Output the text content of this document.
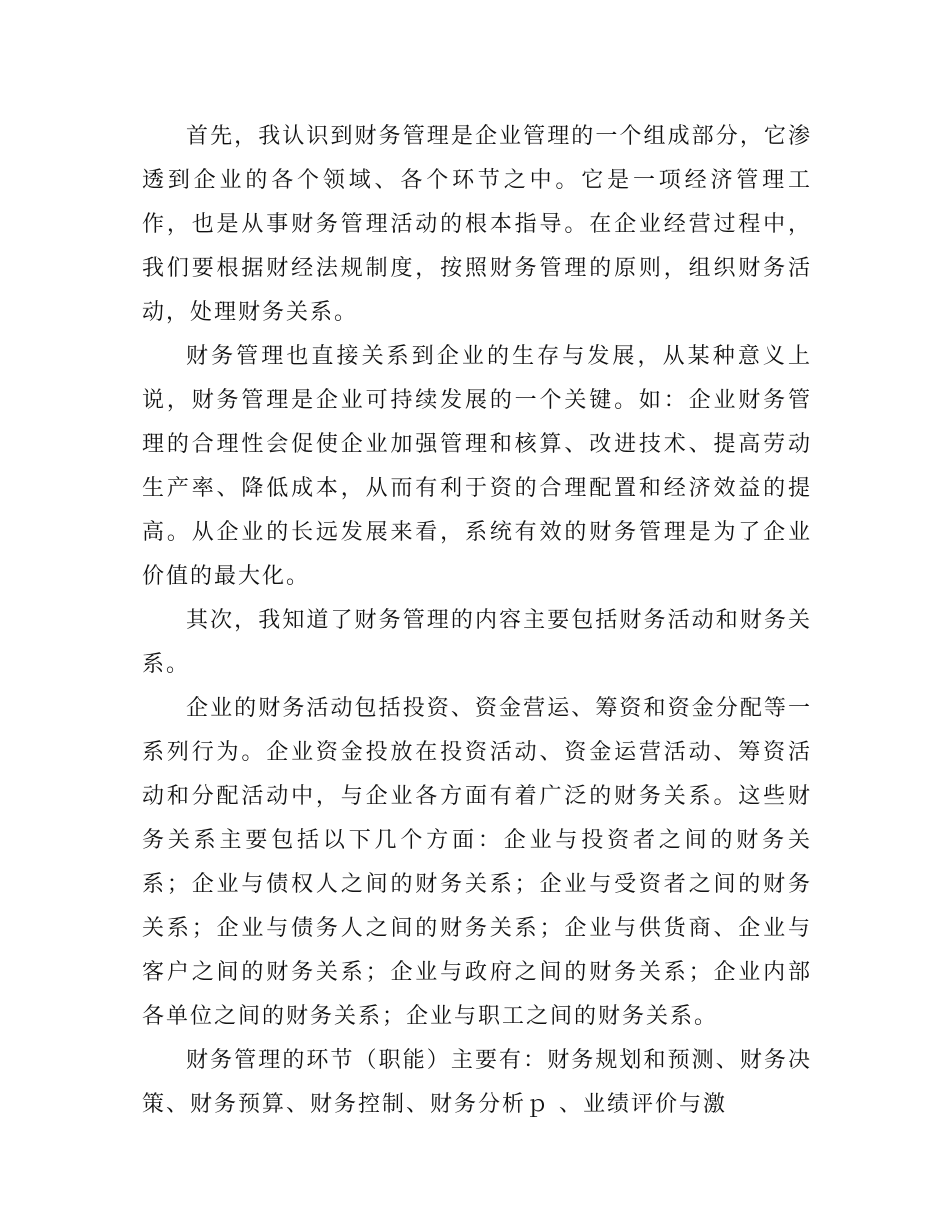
首先，我认识到财务管理是企业管理的一个组成部分，它渗透到企业的各个领域、各个环节之中。它是一项经济管理工作，也是从事财务管理活动的根本指导。在企业经营过程中，我们要根据财经法规制度，按照财务管理的原则，组织财务活动，处理财务关系。

财务管理也直接关系到企业的生存与发展，从某种意义上说，财务管理是企业可持续发展的一个关键。如：企业财务管理的合理性会促使企业加强管理和核算、改进技术、提高劳动生产率、降低成本，从而有利于资的合理配置和经济效益的提高。从企业的长远发展来看，系统有效的财务管理是为了企业价值的最大化。

其次，我知道了财务管理的内容主要包括财务活动和财务关系。

企业的财务活动包括投资、资金营运、筹资和资金分配等一系列行为。企业资金投放在投资活动、资金运营活动、筹资活动和分配活动中，与企业各方面有着广泛的财务关系。这些财务关系主要包括以下几个方面：企业与投资者之间的财务关系；企业与债权人之间的财务关系；企业与受资者之间的财务关系；企业与债务人之间的财务关系；企业与供货商、企业与客户之间的财务关系；企业与政府之间的财务关系；企业内部各单位之间的财务关系；企业与职工之间的财务关系。

财务管理的环节（职能）主要有：财务规划和预测、财务决策、财务预算、财务控制、财务分析ｐ 、业绩评价与激
